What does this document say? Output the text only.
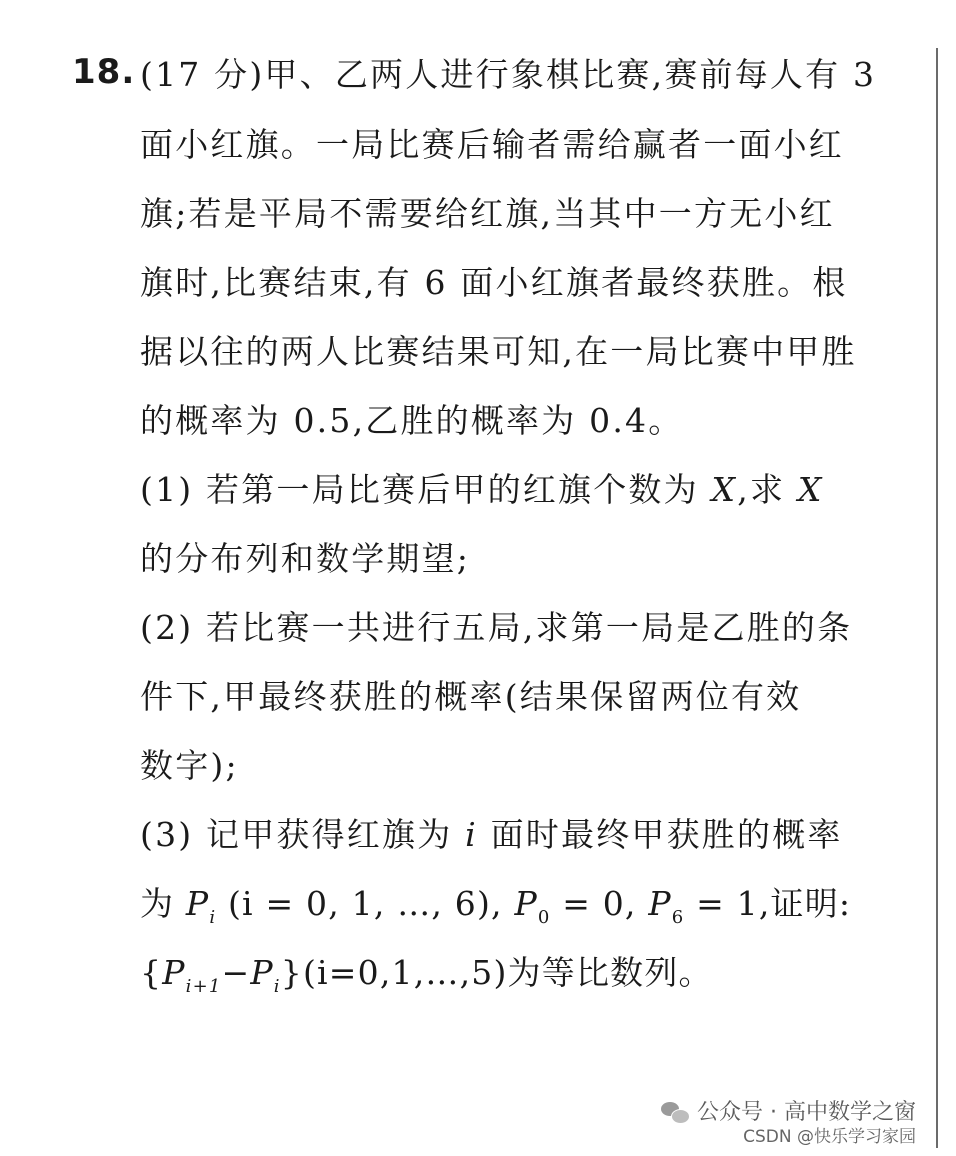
18. (17 分)甲、乙两人进行象棋比赛,赛前每人有 3
面小红旗。一局比赛后输者需给赢者一面小红
旗;若是平局不需要给红旗,当其中一方无小红
旗时,比赛结束,有 6 面小红旗者最终获胜。根
据以往的两人比赛结果可知,在一局比赛中甲胜
的概率为 0.5,乙胜的概率为 0.4。
(1) 若第一局比赛后甲的红旗个数为 X,求 X
的分布列和数学期望;
(2) 若比赛一共进行五局,求第一局是乙胜的条
件下,甲最终获胜的概率(结果保留两位有效
数字);
(3) 记甲获得红旗为 i 面时最终甲获胜的概率
为 $P_i$ (i = 0, 1, …, 6), $P_0 = 0$, $P_6 = 1$,证明:
$\{P_{i+1}-P_i\}(i=0,1,\dots,5)$为等比数列。
公众号 · 高中数学之窗
CSDN @快乐学习家园
